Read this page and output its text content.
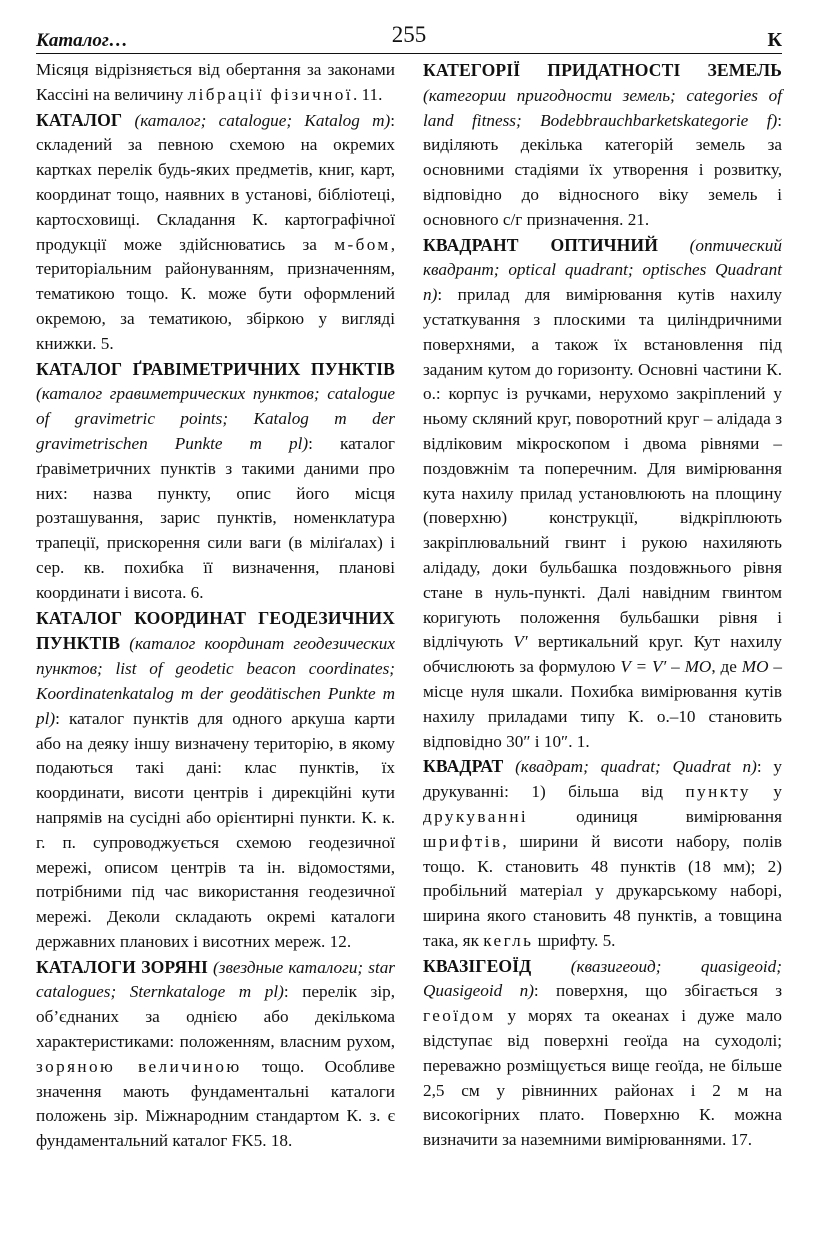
Каталог…	255	К

Місяця відрізняється від обертання за законами Кассіні на величину лібрації фізичної. 11.

КАТАЛОГ (каталог; catalogue; Katalog m): складений за певною схемою на окремих картках перелік будь-яких предметів, книг, карт, координат тощо, наявних в установі, бібліотеці, картосховищі. Складання К. картографічної продукції може здійснюватись за м-бом, територіальним районуванням, призначенням, тематикою тощо. К. може бути оформлений окремою, за тематикою, збіркою у вигляді книжки. 5.

КАТАЛОГ ҐРАВІМЕТРИЧНИХ ПУНКТІВ (каталог гравиметрических пунктов; catalogue of gravimetric points; Katalog m der gravimetrischen Punkte m pl): каталог ґравіметричних пунктів з такими даними про них: назва пункту, опис його місця розташування, зарис пунктів, номенклатура трапеції, прискорення сили ваги (в міліґалах) і сер. кв. похибка її визначення, планові координати і висота. 6.

КАТАЛОГ КООРДИНАТ ГЕОДЕЗИЧНИХ ПУНКТІВ (каталог координат геодезических пунктов; list of geodetic beacon coordinates; Koordinatenkatalog m der geodätischen Punkte m pl): каталог пунктів для одного аркуша карти або на деяку іншу визначену територію, в якому подаються такі дані: клас пунктів, їх координати, висоти центрів і дирекційні кути напрямів на сусідні або орієнтирні пункти. К. к. г. п. супроводжується схемою геодезичної мережі, описом центрів та ін. відомостями, потрібними під час використання геодезичної мережі. Деколи складають окремі каталоги державних планових і висотних мереж. 12.

КАТАЛОГИ ЗОРЯНІ (звездные каталоги; star catalogues; Sternkataloge m pl): перелік зір, об’єднаних за однією або декількома характеристиками: положенням, власним рухом, зоряною величиною тощо. Особливе значення мають фундаментальні каталоги положень зір. Міжнародним стандартом К. з. є фундаментальний каталог FK5. 18.

КАТЕГОРІЇ ПРИДАТНОСТІ ЗЕМЕЛЬ (категории пригодности земель; categories of land fitness; Bodebbrauchbarketskategorie f): виділяють декілька категорій земель за основними стадіями їх утворення і розвитку, відповідно до відносного віку земель і основного с/г призначення. 21.

КВАДРАНТ ОПТИЧНИЙ (оптический квадрант; optical quadrant; optisches Quadrant n): прилад для вимірювання кутів нахилу устаткування з плоскими та циліндричними поверхнями, а також їх встановлення під заданим кутом до горизонту. Основні частини К. о.: корпус із ручками, нерухомо закріплений у ньому скляний круг, поворотний круг – алідада з відліковим мікроскопом і двома рівнями – поздовжнім та поперечним. Для вимірювання кута нахилу прилад установлюють на площину (поверхню) конструкції, відкріплюють закріплювальний гвинт і рукою нахиляють алідаду, доки бульбашка поздовжнього рівня стане в нуль-пункті. Далі навідним гвинтом коригують положення бульбашки рівня і відлічують V′ вертикальний круг. Кут нахилу обчислюють за формулою V = V′ – MO, де MO – місце нуля шкали. Похибка вимірювання кутів нахилу приладами типу К. о.–10 становить відповідно 30″ і 10″. 1.

КВАДРАТ (квадрат; quadrat; Quadrat n): у друкуванні: 1) більша від пункту у друкуванні одиниця вимірювання шрифтів, ширини й висоти набору, полів тощо. К. становить 48 пунктів (18 мм); 2) пробільний матеріал у друкарському наборі, ширина якого становить 48 пунктів, а товщина така, як кегль шрифту. 5.

КВАЗІГЕОЇД (квазигеоид; quasigeoid; Quasigeoid n): поверхня, що збігається з геоїдом у морях та океанах і дуже мало відступає від поверхні геоїда на суходолі; переважно розміщується вище геоїда, не більше 2,5 см у рівнинних районах і 2 м на високогірних плато. Поверхню К. можна визначити за наземними вимірюваннями. 17.
